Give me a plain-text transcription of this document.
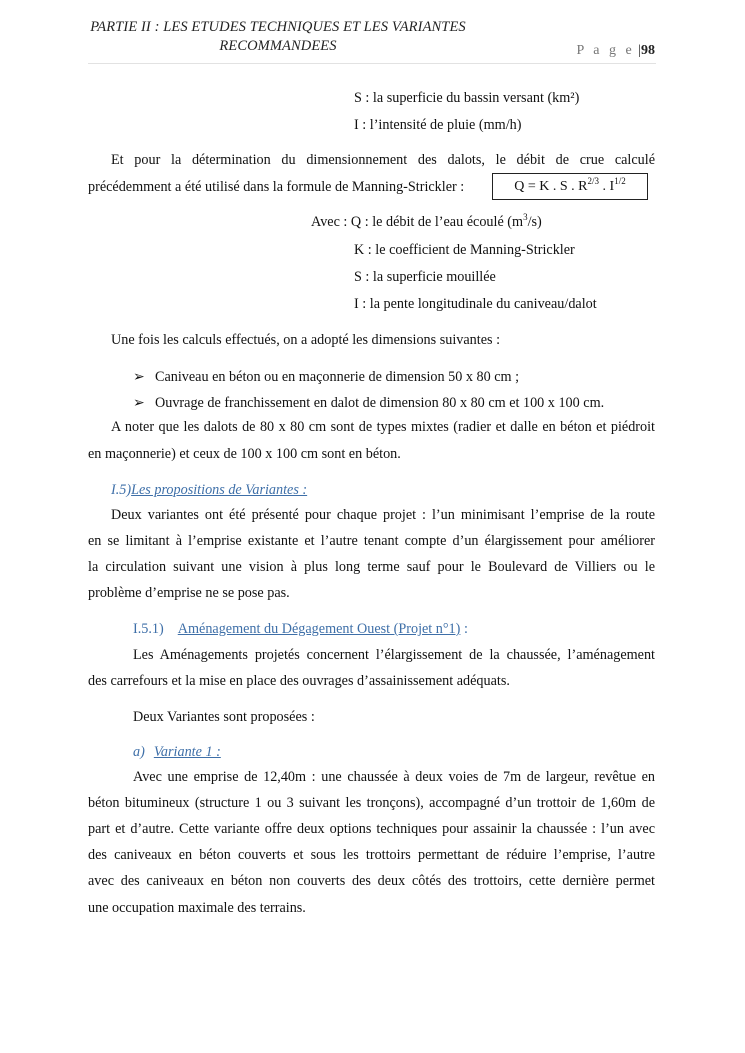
PARTIE II : LES ETUDES TECHNIQUES ET LES VARIANTES
RECOMMANDEES	P a g e |98
S : la superficie du bassin versant (km²)
I : l’intensité de pluie (mm/h)
Et pour la détermination du dimensionnement des dalots, le débit de crue calculé
précédemment a été utilisé dans la formule de Manning-Strickler :	Q = K . S . $R^{2/3}$ . $I^{1/2}$
Avec : Q : le débit de l’eau écoulé $(m^3/s)$
K : le coefficient de Manning-Strickler
S : la superficie mouillée
I : la pente longitudinale du caniveau/dalot
Une fois les calculs effectués, on a adopté les dimensions suivantes :
➢ Caniveau en béton ou en maçonnerie de dimension 50 x 80 cm ;
➢ Ouvrage de franchissement en dalot de dimension 80 x 80 cm et 100 x 100 cm.
A noter que les dalots de 80 x 80 cm sont de types mixtes (radier et dalle en béton et piédroit
en maçonnerie) et ceux de 100 x 100 cm sont en béton.
I.5)Les propositions de Variantes :
Deux variantes ont été présenté pour chaque projet : l’un minimisant l’emprise de la route
en se limitant à l’emprise existante et l’autre tenant compte d’un élargissement pour améliorer
la circulation suivant une vision à plus long terme sauf pour le Boulevard de Villiers ou le
problème d’emprise ne se pose pas.
I.5.1) Aménagement du Dégagement Ouest (Projet n°1) :
Les Aménagements projetés concernent l’élargissement de la chaussée, l’aménagement
des carrefours et la mise en place des ouvrages d’assainissement adéquats.
Deux Variantes sont proposées :
a) Variante 1 :
Avec une emprise de 12,40m : une chaussée à deux voies de 7m de largeur, revêtue en
béton bitumineux (structure 1 ou 3 suivant les tronçons), accompagné d’un trottoir de 1,60m de
part et d’autre. Cette variante offre deux options techniques pour assainir la chaussée : l’un avec
des caniveaux en béton couverts et sous les trottoirs permettant de réduire l’emprise, l’autre
avec des caniveaux en béton non couverts des deux côtés des trottoirs, cette dernière permet
une occupation maximale des terrains.
